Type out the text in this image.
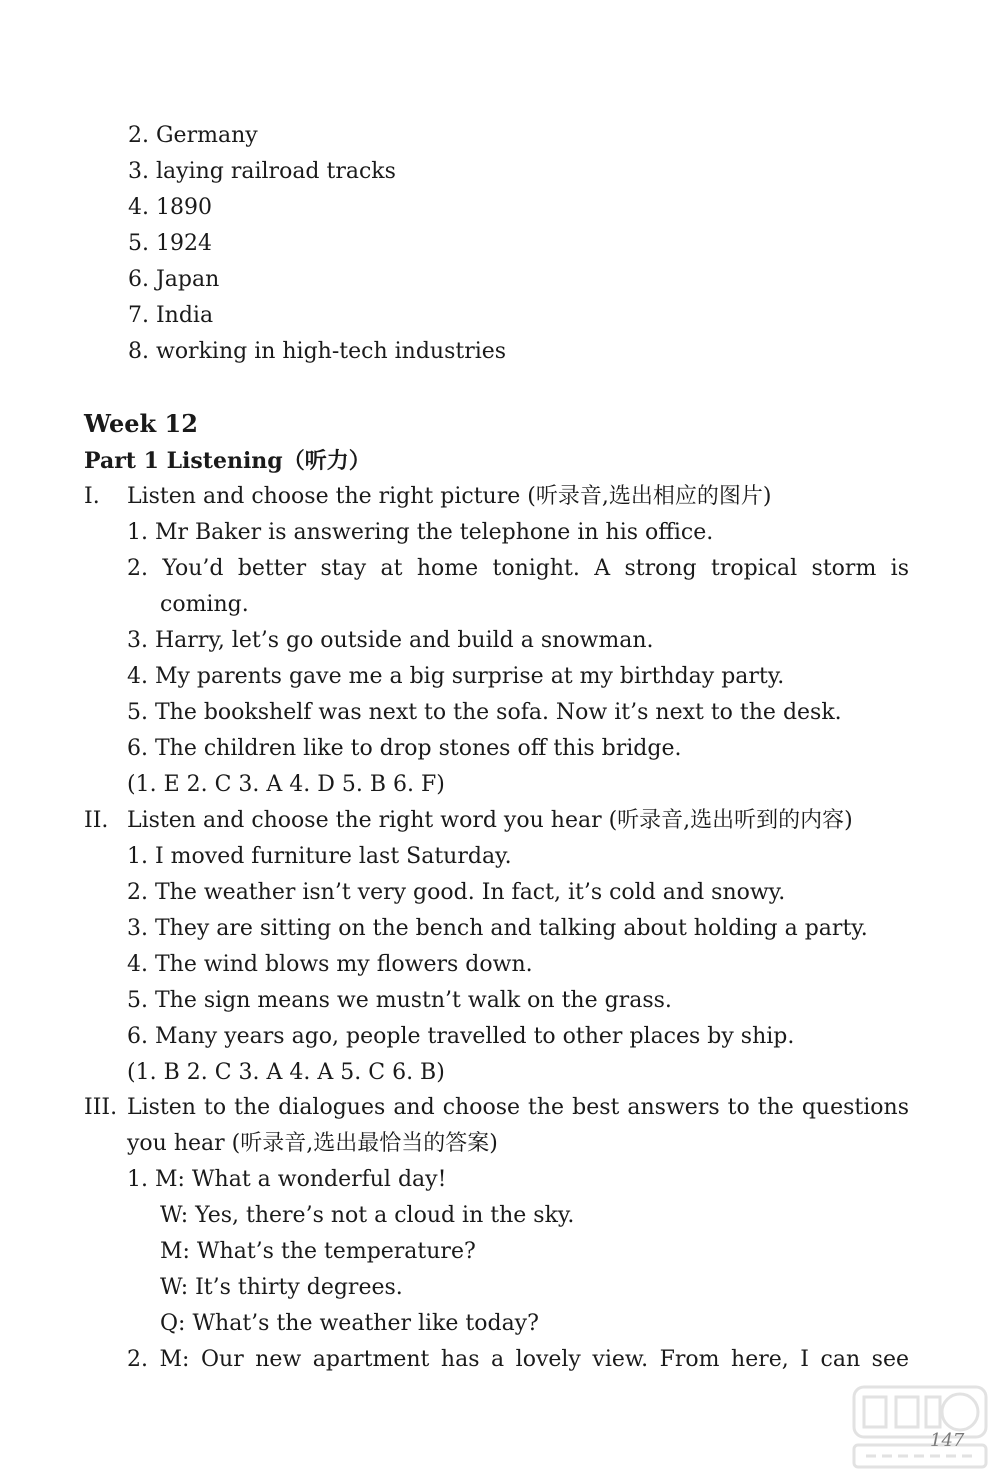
2. Germany
3. laying railroad tracks
4. 1890
5. 1924
6. Japan
7. India
8. working in high-tech industries
Week 12
Part 1 Listening（听力）
I. Listen and choose the right picture (听录音,选出相应的图片)
1. Mr Baker is answering the telephone in his office.
2. You’d better stay at home tonight. A strong tropical storm is
coming.
3. Harry, let’s go outside and build a snowman.
4. My parents gave me a big surprise at my birthday party.
5. The bookshelf was next to the sofa. Now it’s next to the desk.
6. The children like to drop stones off this bridge.
(1. E 2. C 3. A 4. D 5. B 6. F)
II. Listen and choose the right word you hear (听录音,选出听到的内容)
1. I moved furniture last Saturday.
2. The weather isn’t very good. In fact, it’s cold and snowy.
3. They are sitting on the bench and talking about holding a party.
4. The wind blows my flowers down.
5. The sign means we mustn’t walk on the grass.
6. Many years ago, people travelled to other places by ship.
(1. B 2. C 3. A 4. A 5. C 6. B)
III. Listen to the dialogues and choose the best answers to the questions
you hear (听录音,选出最恰当的答案)
1. M: What a wonderful day!
W: Yes, there’s not a cloud in the sky.
M: What’s the temperature?
W: It’s thirty degrees.
Q: What’s the weather like today?
2. M: Our new apartment has a lovely view. From here, I can see
147
